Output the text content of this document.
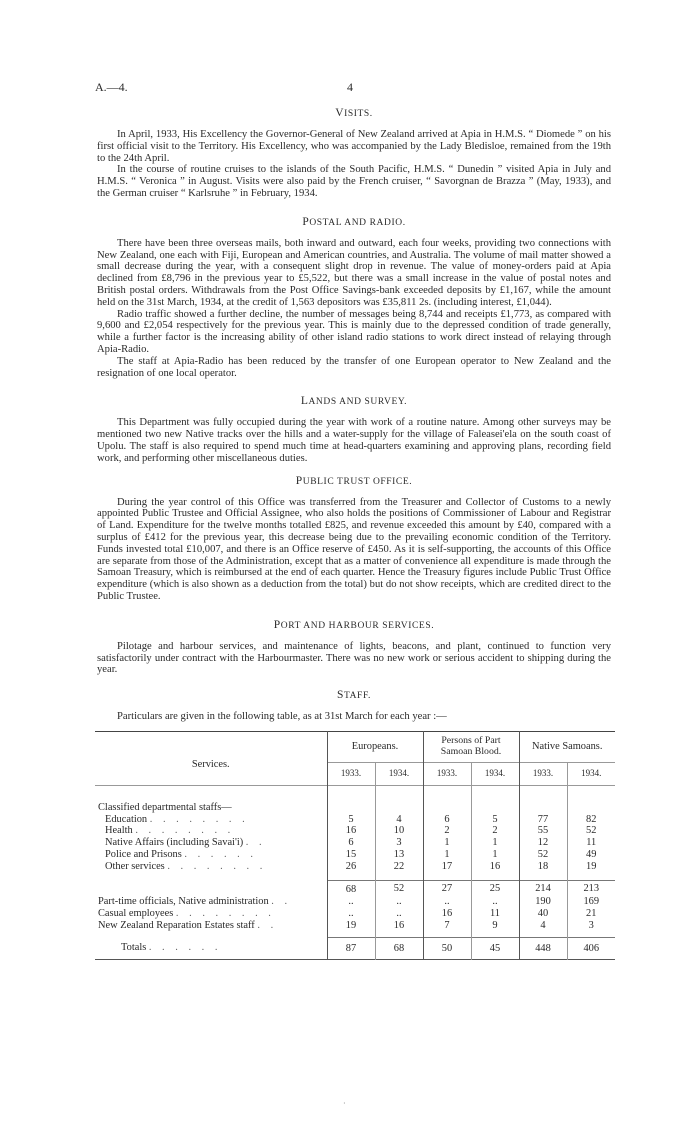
A.—4.	4
VISITS.

In April, 1933, His Excellency the Governor-General of New Zealand arrived at Apia in H.M.S. “ Diomede ” on his first official visit to the Territory. His Excellency, who was accompanied by the Lady Bledisloe, remained from the 19th to the 24th April.

In the course of routine cruises to the islands of the South Pacific, H.M.S. “ Dunedin ” visited Apia in July and H.M.S. “ Veronica ” in August. Visits were also paid by the French cruiser, “ Savorgnan de Brazza ” (May, 1933), and the German cruiser “ Karlsruhe ” in February, 1934.

POSTAL AND RADIO.

There have been three overseas mails, both inward and outward, each four weeks, providing two connections with New Zealand, one each with Fiji, European and American countries, and Australia. The volume of mail matter showed a small decrease during the year, with a consequent slight drop in revenue. The value of money-orders paid at Apia declined from £8,796 in the previous year to £5,522, but there was a small increase in the value of postal notes and British postal orders. Withdrawals from the Post Office Savings-bank exceeded deposits by £1,167, while the amount held on the 31st March, 1934, at the credit of 1,563 depositors was £35,811 2s. (including interest, £1,044).

Radio traffic showed a further decline, the number of messages being 8,744 and receipts £1,773, as compared with 9,600 and £2,054 respectively for the previous year. This is mainly due to the depressed condition of trade generally, while a further factor is the increasing ability of other island radio stations to work direct instead of relaying through Apia-Radio.

The staff at Apia-Radio has been reduced by the transfer of one European operator to New Zealand and the resignation of one local operator.

LANDS AND SURVEY.

This Department was fully occupied during the year with work of a routine nature. Among other surveys may be mentioned two new Native tracks over the hills and a water-supply for the village of Faleasei'ela on the south coast of Upolu. The staff is also required to spend much time at head-quarters examining and approving plans, recording field work, and performing other miscellaneous duties.

PUBLIC TRUST OFFICE.

During the year control of this Office was transferred from the Treasurer and Collector of Customs to a newly appointed Public Trustee and Official Assignee, who also holds the positions of Commissioner of Labour and Registrar of Land. Expenditure for the twelve months totalled £825, and revenue exceeded this amount by £40, compared with a surplus of £412 for the previous year, this decrease being due to the prevailing economic condition of the Territory. Funds invested total £10,007, and there is an Office reserve of £450. As it is self-supporting, the accounts of this Office are separate from those of the Administration, except that as a matter of convenience all expenditure is made through the Samoan Treasury, which is reimbursed at the end of each quarter. Hence the Treasury figures include Public Trust Office expenditure (which is also shown as a deduction from the total) but do not show receipts, which are credited direct to the Public Trustee.

PORT AND HARBOUR SERVICES.

Pilotage and harbour services, and maintenance of lights, beacons, and plant, continued to function very satisfactorily under contract with the Harbourmaster. There was no new work or serious accident to shipping during the year.

STAFF.

Particulars are given in the following table, as at 31st March for each year :—

Services.	Europeans.		Persons of Part Samoan Blood.		Native Samoans.	
	1933.	1934.	1933.	1934.	1933.	1934.

Classified departmental staffs—						
Education . . . . . . . .	5	4	6	5	77	82
Health . . . . . . . .	16	10	2	2	55	52
Native Affairs (including Savai'i) . .	6	3	1	1	12	11
Police and Prisons . . . . . .	15	13	1	1	52	49
Other services . . . . . . . .	26	22	17	16	18	19

	68	52	27	25	214	213
Part-time officials, Native administration . .	..	..	..	..	190	169
Casual employees . . . . . . . .	..	..	16	11	40	21
New Zealand Reparation Estates staff . .	19	16	7	9	4	3

Totals . . . . . .	87	68	50	45	448	406
·
